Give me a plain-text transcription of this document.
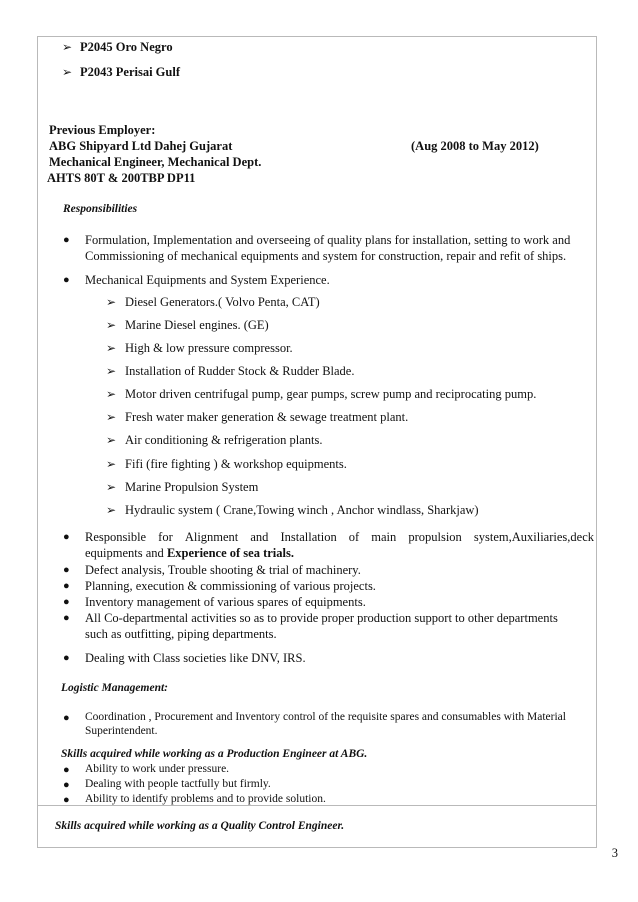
➢ P2045 Oro Negro
➢ P2043 Perisai Gulf
Previous Employer:
ABG Shipyard Ltd Dahej Gujarat	(Aug 2008 to May 2012)
Mechanical Engineer, Mechanical Dept.
AHTS 80T & 200TBP DP11
Responsibilities
● Formulation, Implementation and overseeing of quality plans for installation, setting to work and
Commissioning of mechanical equipments and system for construction, repair and refit of ships.
● Mechanical Equipments and System Experience.
➢ Diesel Generators.( Volvo Penta, CAT)
➢ Marine Diesel engines. (GE)
➢ High & low pressure compressor.
➢ Installation of Rudder Stock & Rudder Blade.
➢ Motor driven centrifugal pump, gear pumps, screw pump and reciprocating pump.
➢ Fresh water maker generation & sewage treatment plant.
➢ Air conditioning & refrigeration plants.
➢ Fifi (fire fighting ) & workshop equipments.
➢ Marine Propulsion System
➢ Hydraulic system ( Crane,Towing winch , Anchor windlass, Sharkjaw)
● Responsible for Alignment and Installation of main propulsion system,Auxiliaries,deck
equipments and Experience of sea trials.
● Defect analysis, Trouble shooting & trial of machinery.
● Planning, execution & commissioning of various projects.
● Inventory management of various spares of equipments.
● All Co-departmental activities so as to provide proper production support to other departments
such as outfitting, piping departments.
● Dealing with Class societies like DNV, IRS.
Logistic Management:
● Coordination , Procurement and Inventory control of the requisite spares and consumables with Material
Superintendent.
Skills acquired while working as a Production Engineer at ABG.
● Ability to work under pressure.
● Dealing with people tactfully but firmly.
● Ability to identify problems and to provide solution.
Skills acquired while working as a Quality Control Engineer.
3
